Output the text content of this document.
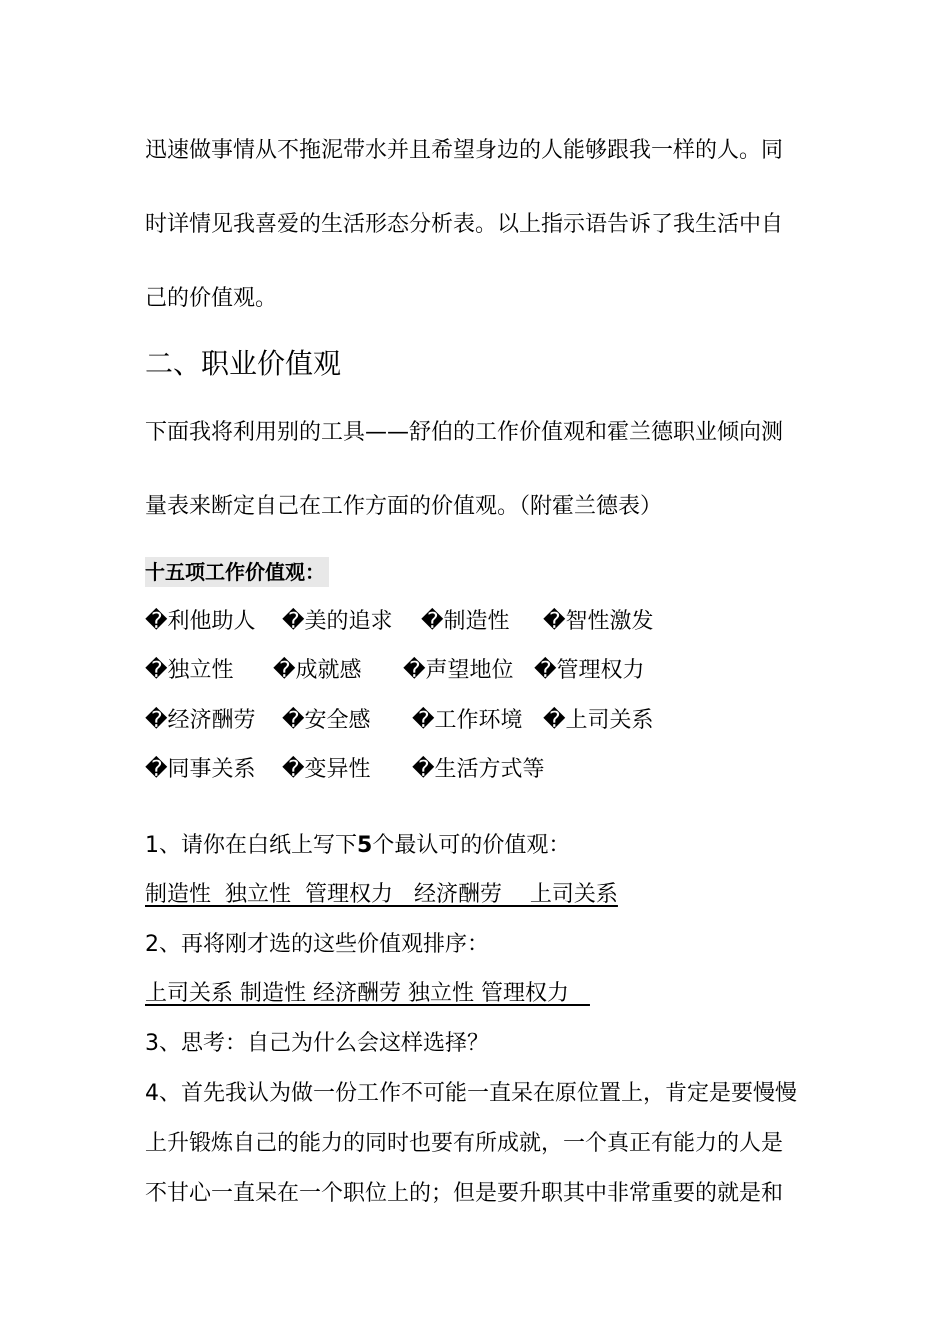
迅速做事情从不拖泥带水并且希望身边的人能够跟我一样的人。同
时详情见我喜爱的生活形态分析表。以上指示语告诉了我生活中自
己的价值观。
二、职业价值观
下面我将利用别的工具——舒伯的工作价值观和霍兰德职业倾向测
量表来断定自己在工作方面的价值观。（附霍兰德表）
十五项工作价值观：
�利他助人 �美的追求 �制造性 �智性激发
�独立性 �成就感 �声望地位 �管理权力
�经济酬劳 �安全感 �工作环境 �上司关系
�同事关系 �变异性 �生活方式等
1、请你在白纸上写下5个最认可的价值观：
制造性  独立性  管理权力   经济酬劳    上司关系
2、再将刚才选的这些价值观排序：
上司关系 制造性 经济酬劳 独立性 管理权力
3、思考：自己为什么会这样选择？
4、首先我认为做一份工作不可能一直呆在原位置上，肯定是要慢慢
上升锻炼自己的能力的同时也要有所成就，一个真正有能力的人是
不甘心一直呆在一个职位上的；但是要升职其中非常重要的就是和
